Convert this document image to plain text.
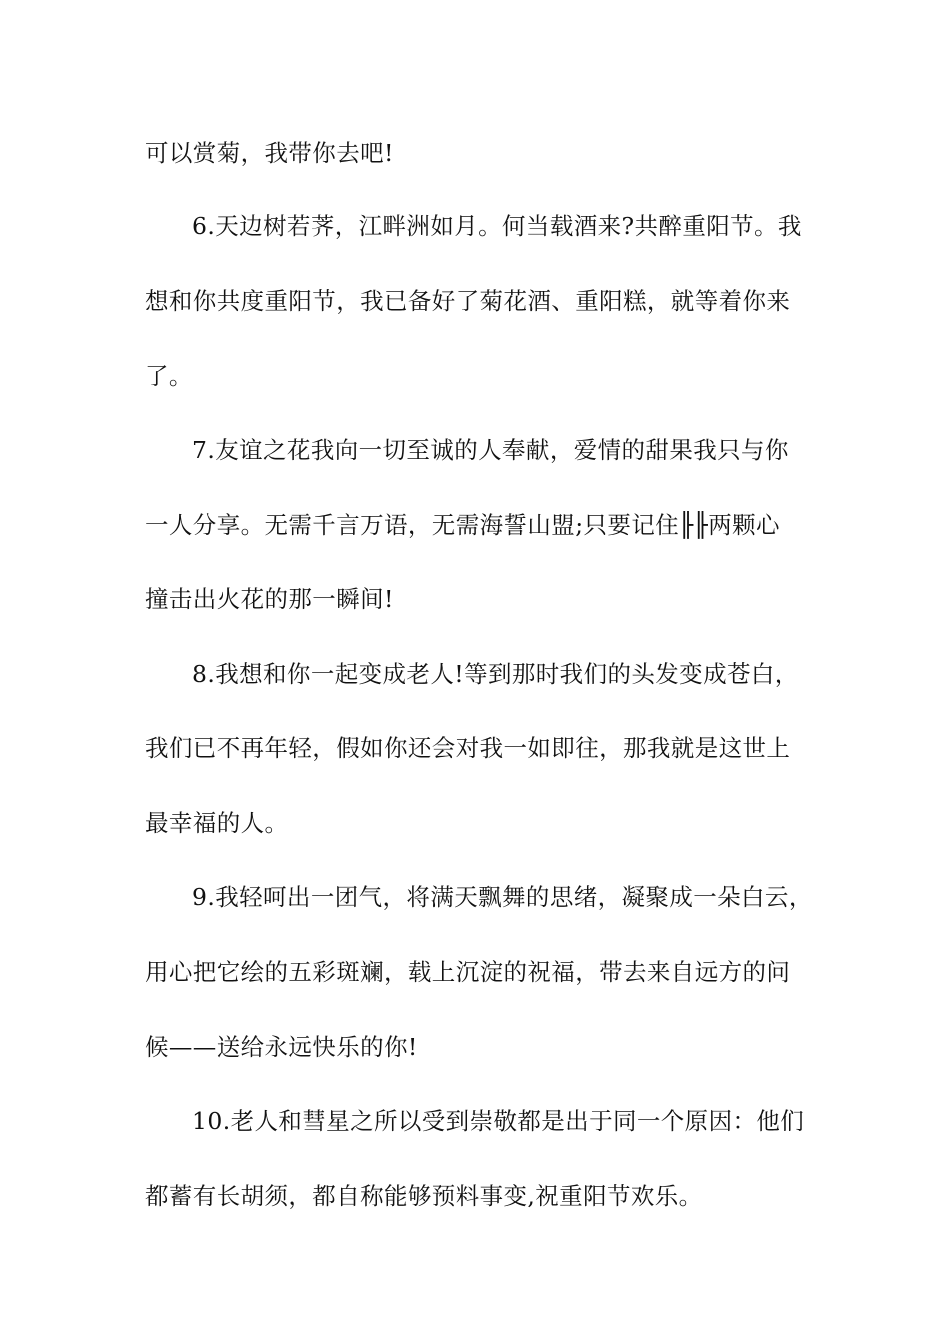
可以赏菊，我带你去吧!
6.天边树若荠，江畔洲如月。何当载酒来?共醉重阳节。我
想和你共度重阳节，我已备好了菊花酒、重阳糕，就等着你来
了。
7.友谊之花我向一切至诚的人奉献，爱情的甜果我只与你
一人分享。无需千言万语，无需海誓山盟;只要记住╟╟两颗心
撞击出火花的那一瞬间!
8.我想和你一起变成老人!等到那时我们的头发变成苍白，
我们已不再年轻，假如你还会对我一如即往，那我就是这世上
最幸福的人。
9.我轻呵出一团气，将满天飘舞的思绪，凝聚成一朵白云，
用心把它绘的五彩斑斓，载上沉淀的祝福，带去来自远方的问
候——送给永远快乐的你!
10.老人和彗星之所以受到崇敬都是出于同一个原因：他们
都蓄有长胡须，都自称能够预料事变,祝重阳节欢乐。
